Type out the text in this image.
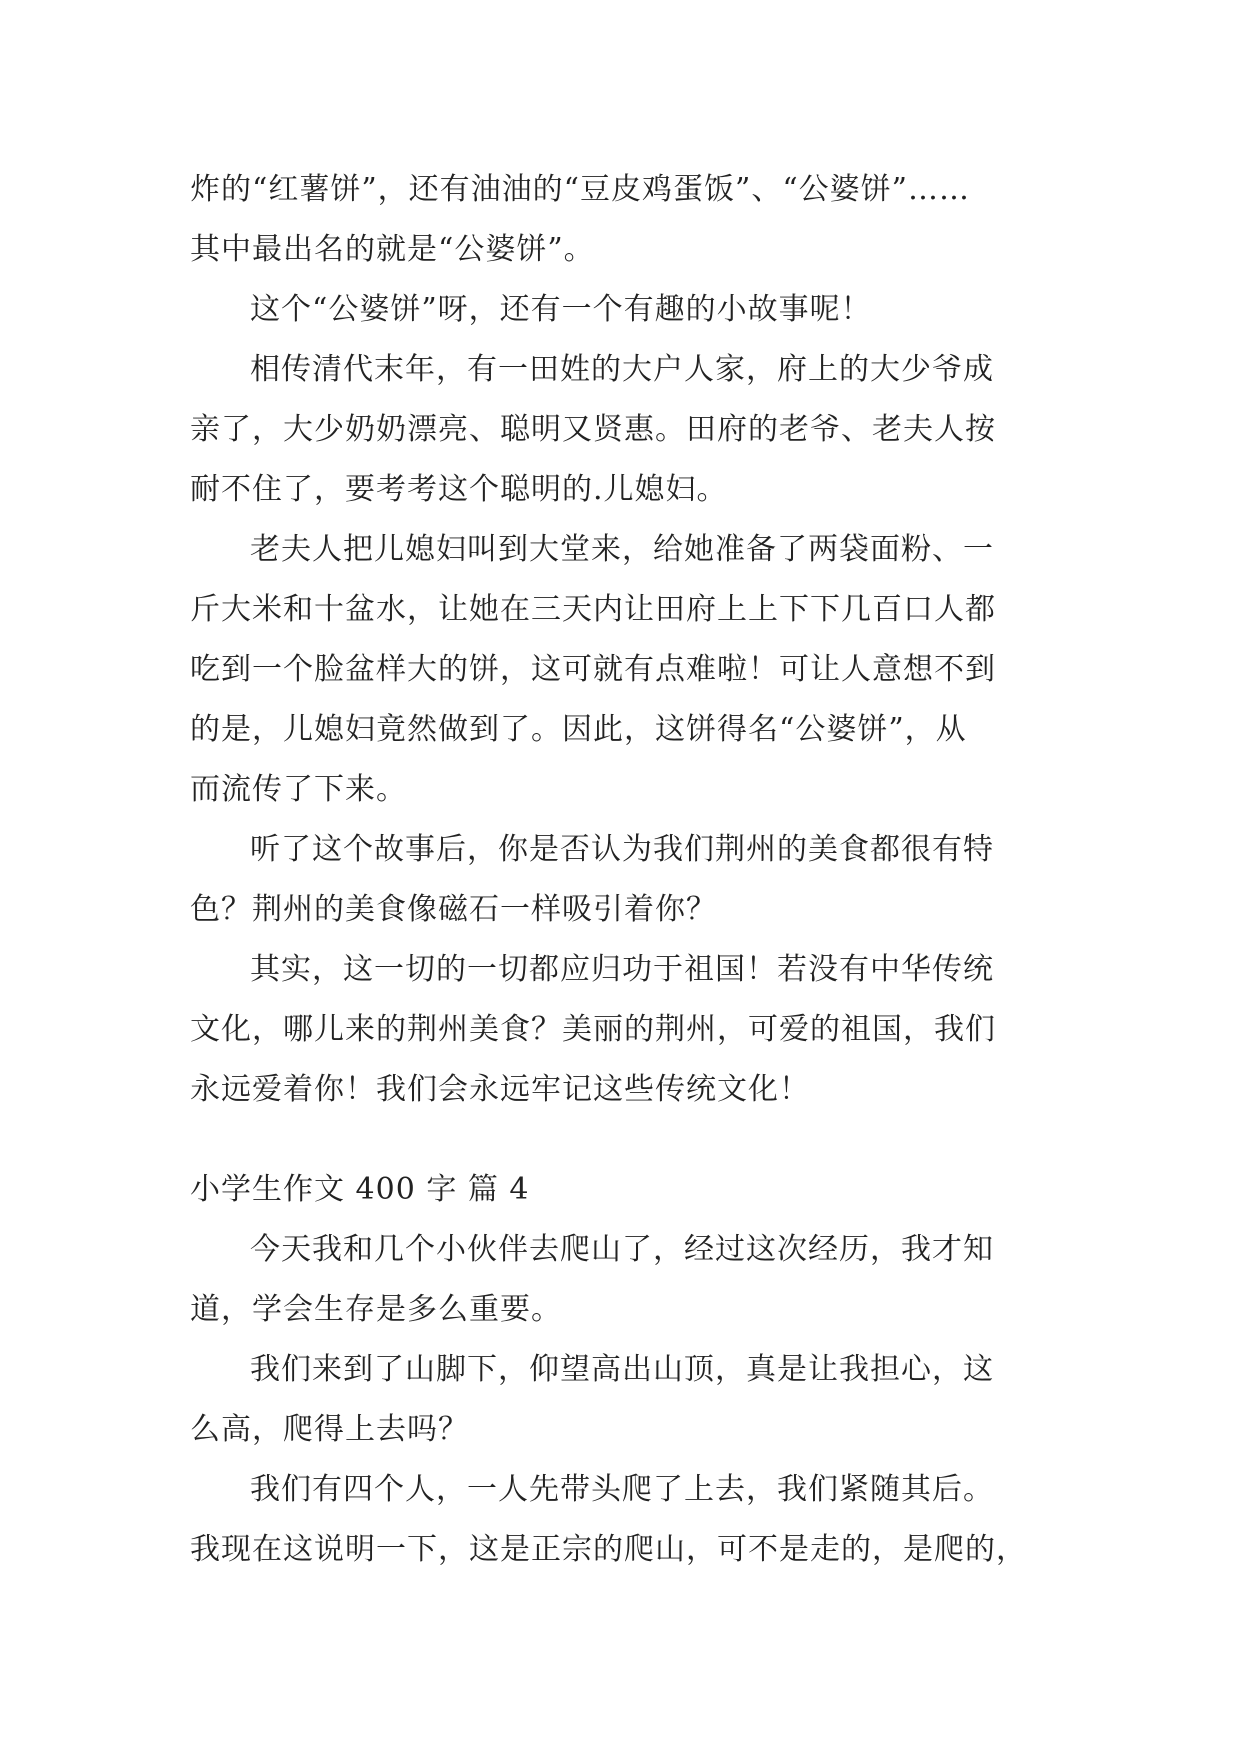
炸的“红薯饼”，还有油油的“豆皮鸡蛋饭”、“公婆饼”……
其中最出名的就是“公婆饼”。
这个“公婆饼”呀，还有一个有趣的小故事呢！
相传清代末年，有一田姓的大户人家，府上的大少爷成
亲了，大少奶奶漂亮、聪明又贤惠。田府的老爷、老夫人按
耐不住了，要考考这个聪明的.儿媳妇。
老夫人把儿媳妇叫到大堂来，给她准备了两袋面粉、一
斤大米和十盆水，让她在三天内让田府上上下下几百口人都
吃到一个脸盆样大的饼，这可就有点难啦！可让人意想不到
的是，儿媳妇竟然做到了。因此，这饼得名“公婆饼”，从
而流传了下来。
听了这个故事后，你是否认为我们荆州的美食都很有特
色？荆州的美食像磁石一样吸引着你？
其实，这一切的一切都应归功于祖国！若没有中华传统
文化，哪儿来的荆州美食？美丽的荆州，可爱的祖国，我们
永远爱着你！我们会永远牢记这些传统文化！
小学生作文 400 字 篇 4
今天我和几个小伙伴去爬山了，经过这次经历，我才知
道，学会生存是多么重要。
我们来到了山脚下，仰望高出山顶，真是让我担心，这
么高，爬得上去吗？
我们有四个人，一人先带头爬了上去，我们紧随其后。
我现在这说明一下，这是正宗的爬山，可不是走的，是爬的，
